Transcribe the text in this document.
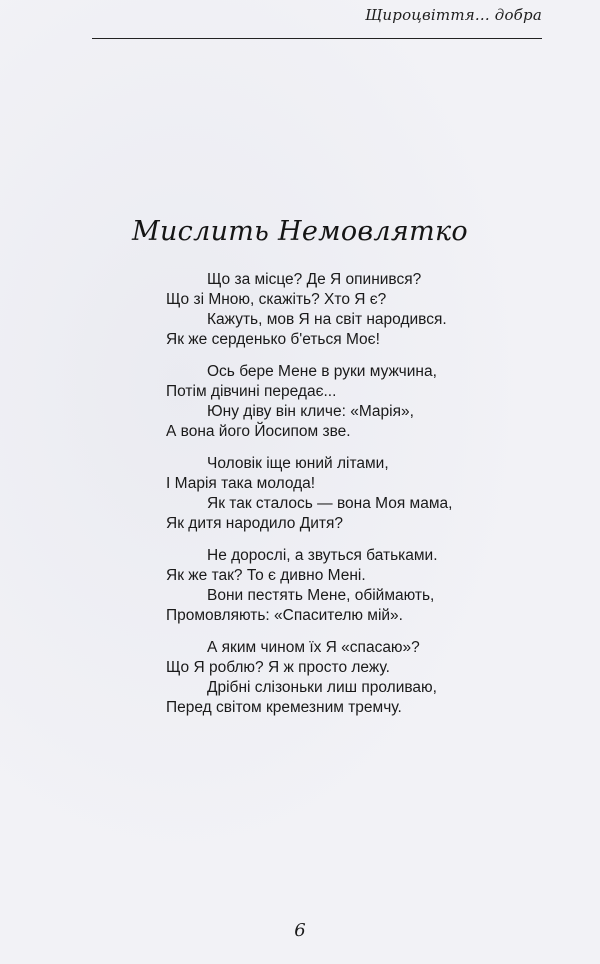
Щироцвіття... добра
Мислить Немовлятко
Що за місце? Де Я опинився?
Що зі Мною, скажіть? Хто Я є?
Кажуть, мов Я на світ народився.
Як же серденько б'еться Моє!
Ось бере Мене в руки мужчина,
Потім дівчині передає...
Юну діву він кличе: «Марія»,
А вона його Йосипом зве.
Чоловік іще юний літами,
І Марія така молода!
Як так сталось — вона Моя мама,
Як дитя народило Дитя?
Не дорослі, а звуться батьками.
Як же так? То є дивно Мені.
Вони пестять Мене, обіймають,
Промовляють: «Спасителю мій».
А яким чином їх Я «спасаю»?
Що Я роблю? Я ж просто лежу.
Дрібні слізоньки лиш проливаю,
Перед світом кремезним тремчу.
6
